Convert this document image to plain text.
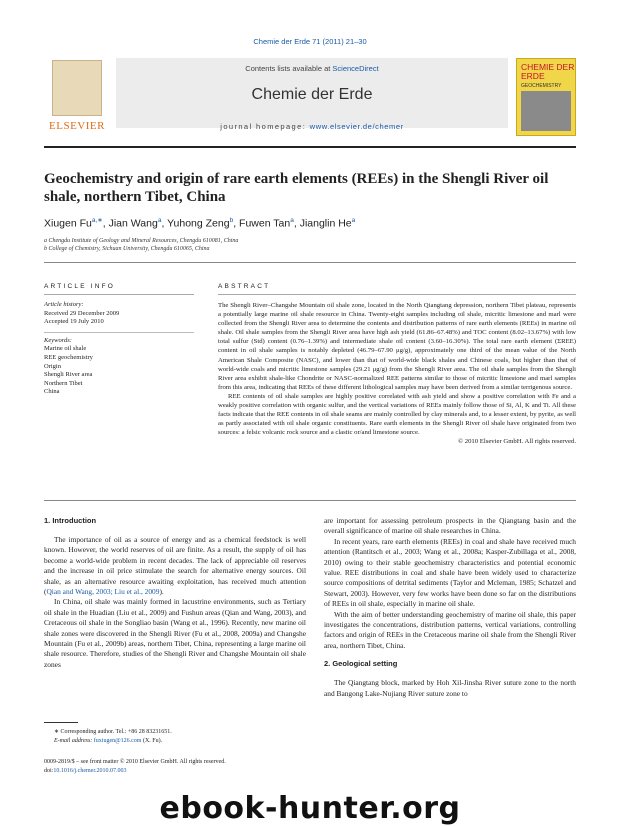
Chemie der Erde 71 (2011) 21–30
ELSEVIER
Contents lists available at ScienceDirect
Chemie der Erde
journal homepage: www.elsevier.de/chemer
CHEMIE DER ERDE
GEOCHEMISTRY
Geochemistry and origin of rare earth elements (REEs) in the Shengli River oil shale, northern Tibet, China
Xiugen $Fu^{a,∗}$, Jian Wang$^a$, Yuhong Zeng$^b$, Fuwen Tan$^a$, Jianglin He$^a$
a Chengdu Institute of Geology and Mineral Resources, Chengdu 610081, China
b College of Chemistry, Sichuan University, Chengdu 610065, China
ARTICLE INFO
Article history:
Received 29 December 2009
Accepted 19 July 2010
Keywords:
Marine oil shale
REE geochemistry
Origin
Shengli River area
Northern Tibet
China
ABSTRACT

The Shengli River–Changshe Mountain oil shale zone, located in the North Qiangtang depression, northern Tibet plateau, represents a potentially large marine oil shale resource in China. Twenty-eight samples including oil shale, micritic limestone and marl were collected from the Shengli River area to determine the contents and distribution patterns of rare earth elements (REEs) in marine oil shale. Oil shale samples from the Shengli River area have high ash yield (61.86–67.48%) and TOC content (8.02–13.67%) with low total sulfur (Std) content (0.76–1.39%) and intermediate shale oil content (3.60–16.30%). The total rare earth element (ΣREE) content in oil shale samples is notably depleted (46.79–67.90 μg/g), approximately one third of the mean value of the North American Shale Composite (NASC), and lower than that of world-wide black shales and Chinese coals, but higher than that of world-wide coals and micritic limestone samples (29.21 μg/g) from the Shengli River area. The oil shale samples from the Shengli River area exhibit shale-like Chondrite or NASC-normalized REE patterns similar to those of micritic limestone and marl samples from this area, indicating that REEs of these different lithological samples may have been derived from a similar terrigenous source.

REE contents of oil shale samples are highly positive correlated with ash yield and show a positive correlation with Fe and a weakly positive correlation with organic sulfur, and the vertical variations of REEs mainly follow those of Si, Al, K and Ti. All these facts indicate that the REE contents in oil shale seams are mainly controlled by clay minerals and, to a lesser extent, by pyrite, as well as partly associated with oil shale organic constituents. Rare earth elements in the Shengli River oil shale have originated from two sources: a felsic volcanic rock source and a clastic or/and limestone source.

© 2010 Elsevier GmbH. All rights reserved.
1. Introduction

The importance of oil as a source of energy and as a chemical feedstock is well known. However, the world reserves of oil are finite. As a result, the supply of oil has become a world-wide problem in recent decades. The lack of appreciable oil reserves and the increase in oil price stimulate the search for alternative energy sources. Oil shale, as an alternative resource awaiting exploitation, has received much attention (Qian and Wang, 2003; Liu et al., 2009).

In China, oil shale was mainly formed in lacustrine environments, such as Tertiary oil shale in the Huadian (Liu et al., 2009) and Fushun areas (Qian and Wang, 2003), and Cretaceous oil shale in the Songliao basin (Wang et al., 1996). Recently, new marine oil shale zones were discovered in the Shengli River (Fu et al., 2008, 2009a) and Changshe Mountain (Fu et al., 2009b) areas, northern Tibet, China, representing a large marine oil shale resource. Therefore, studies of the Shengli River and Changshe Mountain oil shale zones

are important for assessing petroleum prospects in the Qiangtang basin and the overall significance of marine oil shale researches in China.

In recent years, rare earth elements (REEs) in coal and shale have received much attention (Rantitsch et al., 2003; Wang et al., 2008a; Kasper-Zubillaga et al., 2008, 2010) owing to their stable geochemistry characteristics and potential economic value. REE distributions in coal and shale have been widely used to characterize source compositions of detrital sediments (Taylor and Mcleman, 1985; Schatzel and Stewart, 2003). However, very few works have been done so far on the distributions of REEs in oil shale, especially in marine oil shale.

With the aim of better understanding geochemistry of marine oil shale, this paper investigates the concentrations, distribution patterns, vertical variations, controlling factors and origin of REEs in the Cretaceous marine oil shale from the Shengli River area, northern Tibet, China.

2. Geological setting

The Qiangtang block, marked by Hoh Xil-Jinsha River suture zone to the north and Bangong Lake-Nujiang River suture zone to

∗ Corresponding author. Tel.: +86 28 83231651.
E-mail address: fuxiugen@126.com (X. Fu).
0009-2819/$ – see front matter © 2010 Elsevier GmbH. All rights reserved.
doi:10.1016/j.chemer.2010.07.003
ebook-hunter.org
